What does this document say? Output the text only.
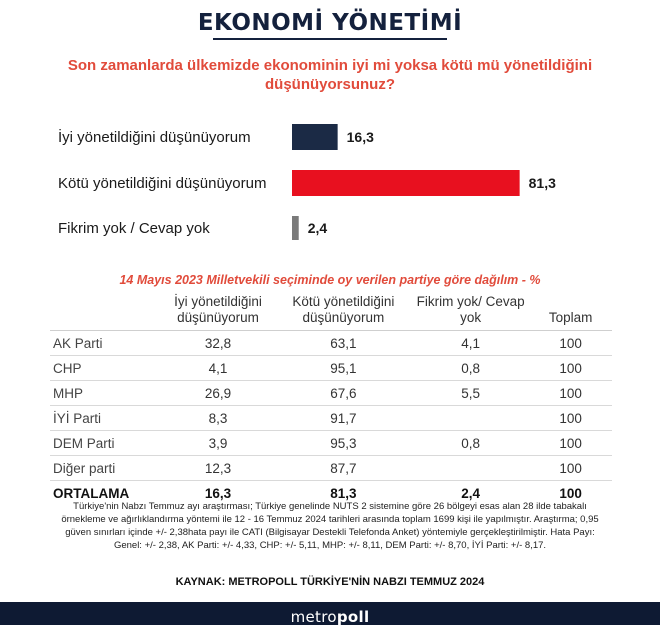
EKONOMİ YÖNETİMİ
Son zamanlarda ülkemizde ekonominin iyi mi yoksa kötü mü yönetildiğini düşünüyorsunuz?
İyi yönetildiğini düşünüyorum	16,3
Kötü yönetildiğini düşünüyorum	81,3
Fikrim yok / Cevap yok	2,4
14 Mayıs 2023 Milletvekili seçiminde oy verilen partiye göre dağılım - %
	İyi yönetildiğini düşünüyorum	Kötü yönetildiğini düşünüyorum	Fikrim yok/ Cevap yok	Toplam
AK Parti	32,8	63,1	4,1	100
CHP	4,1	95,1	0,8	100
MHP	26,9	67,6	5,5	100
İYİ Parti	8,3	91,7		100
DEM Parti	3,9	95,3	0,8	100
Diğer parti	12,3	87,7		100
ORTALAMA	16,3	81,3	2,4	100
Türkiye'nin Nabzı Temmuz ayı araştırması; Türkiye genelinde NUTS 2 sistemine göre 26 bölgeyi esas alan 28 ilde tabakalı örnekleme ve ağırlıklandırma yöntemi ile 12 - 16 Temmuz 2024 tarihleri arasında toplam 1699 kişi ile yapılmıştır. Araştırma; 0,95 güven sınırları içinde +/- 2,38hata payı ile CATI (Bilgisayar Destekli Telefonda Anket) yöntemiyle gerçekleştirilmiştir. Hata Payı: Genel: +/- 2,38, AK Parti: +/- 4,33, CHP: +/- 5,11, MHP: +/- 8,11, DEM Parti: +/- 8,70, İYİ Parti: +/- 8,17.
KAYNAK: METROPOLL TÜRKİYE'NİN NABZI TEMMUZ 2024
metropoll
